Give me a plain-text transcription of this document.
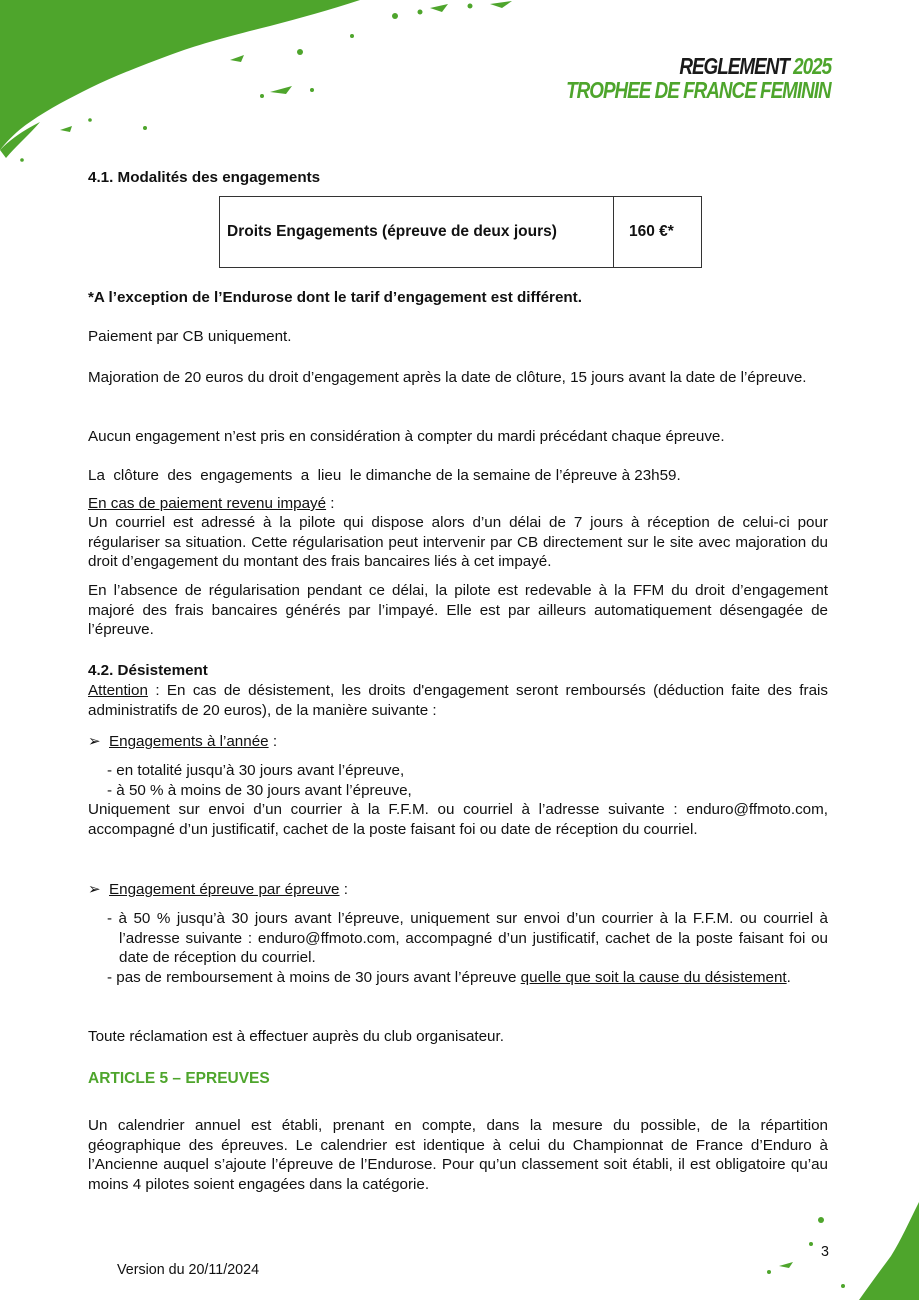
REGLEMENT 2025
TROPHEE DE FRANCE FEMININ
4.1. Modalités des engagements
Droits Engagements (épreuve de deux jours)	160 €*
*A l’exception de l’Endurose dont le tarif d’engagement est différent.
Paiement par CB uniquement.
Majoration de 20 euros du droit d’engagement après la date de clôture, 15 jours avant la date de l’épreuve.
Aucun engagement n’est pris en considération à compter du mardi précédant chaque épreuve.
La  clôture  des  engagements  a  lieu  le dimanche de la semaine de l’épreuve à 23h59.
En cas de paiement revenu impayé :
Un courriel est adressé à la pilote qui dispose alors d’un délai de 7 jours à réception de celui-ci pour régulariser sa situation. Cette régularisation peut intervenir par CB directement sur le site avec majoration du droit d’engagement du montant des frais bancaires liés à cet impayé.
En l’absence de régularisation pendant ce délai, la pilote est redevable à la FFM du droit d’engagement majoré des frais bancaires générés par l’impayé. Elle est par ailleurs automatiquement désengagée de l’épreuve.
4.2. Désistement
Attention : En cas de désistement, les droits d'engagement seront remboursés (déduction faite des frais administratifs de 20 euros), de la manière suivante :
➢ Engagements à l’année :
- en totalité jusqu’à 30 jours avant l’épreuve,
- à 50 % à moins de 30 jours avant l’épreuve,
Uniquement sur envoi d’un courrier à la F.F.M. ou courriel à l’adresse suivante : enduro@ffmoto.com, accompagné d’un justificatif, cachet de la poste faisant foi ou date de réception du courriel.
➢ Engagement épreuve par épreuve :
- à 50 % jusqu’à 30 jours avant l’épreuve, uniquement sur envoi d’un courrier à la F.F.M. ou courriel à l’adresse suivante : enduro@ffmoto.com, accompagné d’un justificatif, cachet de la poste faisant foi ou date de réception du courriel.
- pas de remboursement à moins de 30 jours avant l’épreuve quelle que soit la cause du désistement.
Toute réclamation est à effectuer auprès du club organisateur.
ARTICLE 5 – EPREUVES
Un calendrier annuel est établi, prenant en compte, dans la mesure du possible, de la répartition géographique des épreuves. Le calendrier est identique à celui du Championnat de France d’Enduro à l’Ancienne auquel s’ajoute l’épreuve de l’Endurose. Pour qu’un classement soit établi, il est obligatoire qu’au moins 4 pilotes soient engagées dans la catégorie.
3
Version du 20/11/2024
